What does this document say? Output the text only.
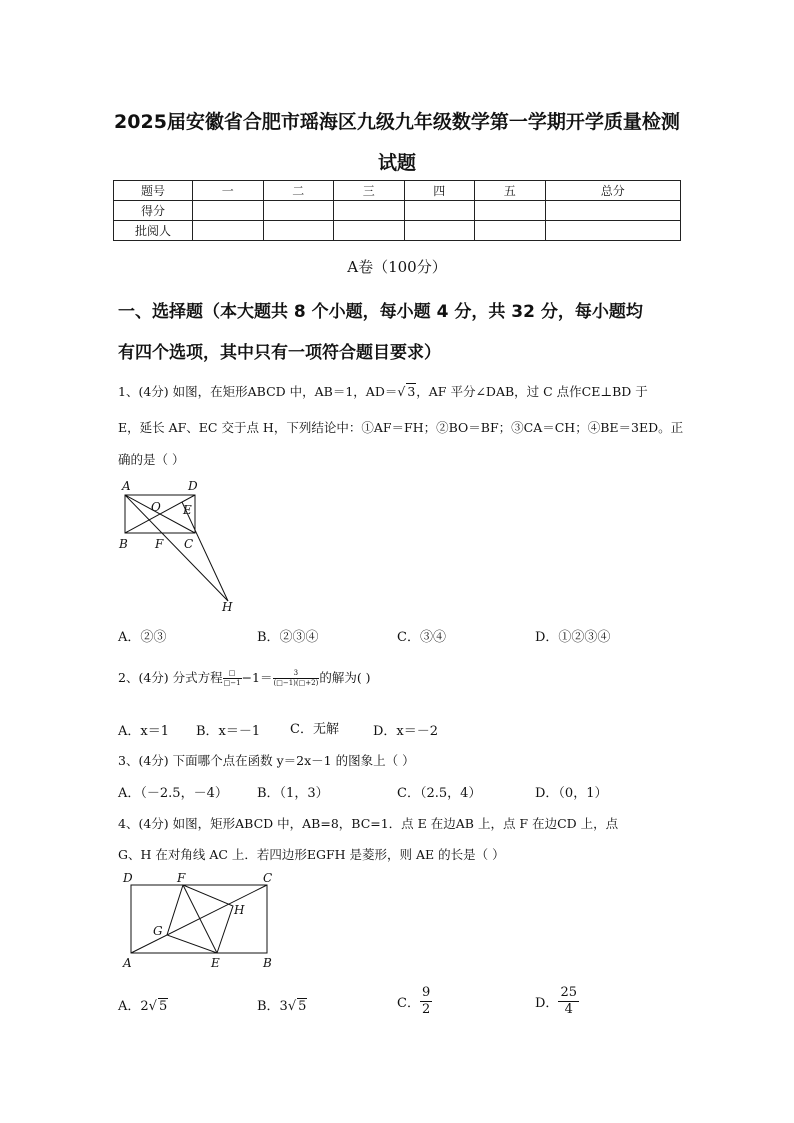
2025届安徽省合肥市瑶海区九级九年级数学第一学期开学质量检测
试题
题号	一	二	三	四	五	总分
得分						
批阅人						
A卷（100分）
一、选择题（本大题共 8 个小题，每小题 4 分，共 32 分，每小题均
有四个选项，其中只有一项符合题目要求）
1、(4分) 如图，在矩形ABCD 中，AB＝1，AD＝√ 3，AF 平分∠DAB，过 C 点作CE⊥BD 于
E，延长 AF、EC 交于点 H，下列结论中：①AF＝FH；②BO＝BF；③CA＝CH；④BE＝3ED。正
确的是（ ）
A	D
O E
B F C
H
A．②③	B．②③④	C．③④	D．①②③④
2、(4分) 分式方程 $\frac{□}{□-1} -1= \frac{3}{(□-1)(□+2)}$ 的解为( )
A．x＝1 B．x＝－1 C．无解	D．x＝－2
3、(4分) 下面哪个点在函数 y＝2x－1 的图象上（ ）
A．（－2.5，－4） B．（1，3）	C．（2.5，4）	D．（0，1）
4、(4分) 如图，矩形ABCD 中，AB=8，BC=1．点 E 在边AB 上，点 F 在边CD 上，点
G、H 在对角线 AC 上．若四边形EGFH 是菱形，则 AE 的长是（ ）
D	F	C
H
G
A	E	B
A．2√ 5	B．3√ 5	C． $\frac{9}{2}$	D． $\frac{25}{4}$
